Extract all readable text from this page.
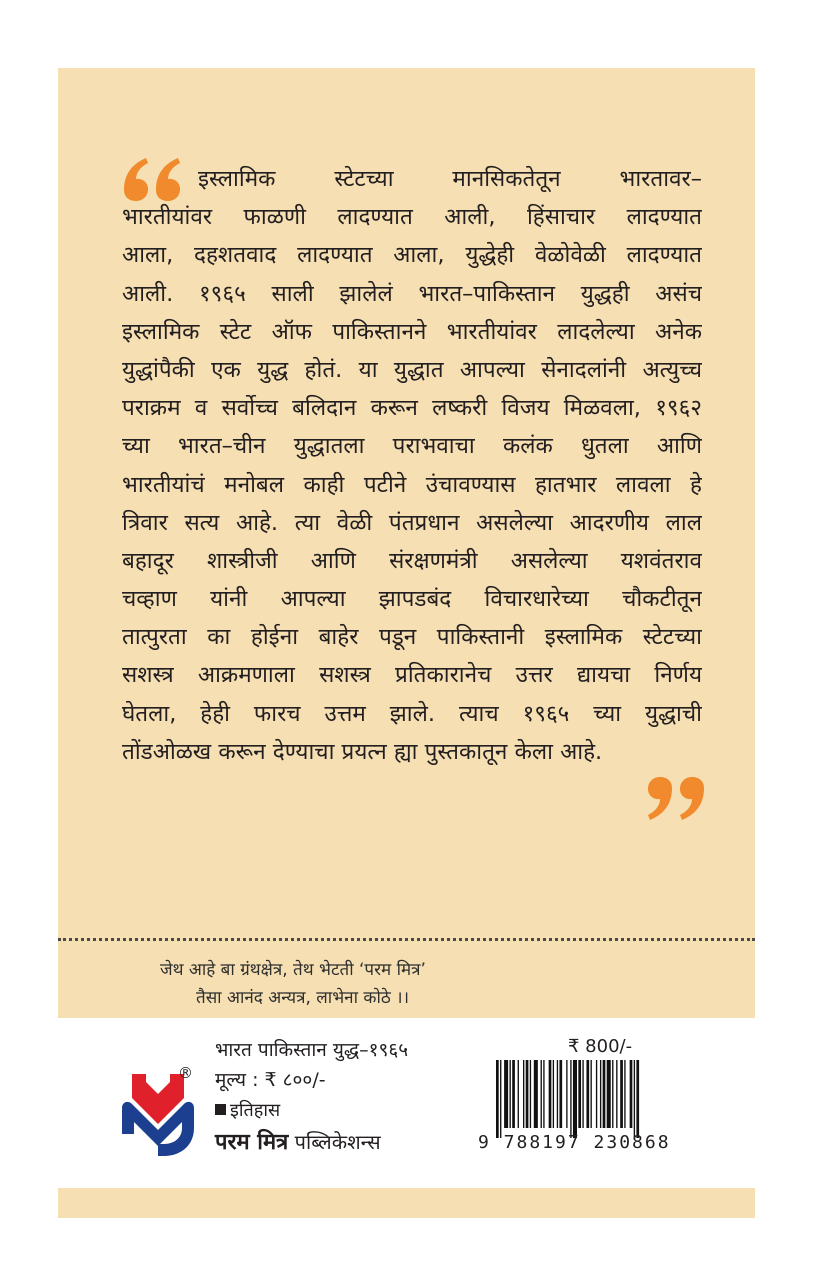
इस्लामिक स्टेटच्या मानसिकतेतून भारतावर–
भारतीयांवर फाळणी लादण्यात आली, हिंसाचार लादण्यात
आला, दहशतवाद लादण्यात आला, युद्धेही वेळोवेळी लादण्यात
आली. १९६५ साली झालेलं भारत–पाकिस्तान युद्धही असंच
इस्लामिक स्टेट ऑफ पाकिस्तानने भारतीयांवर लादलेल्या अनेक
युद्धांपैकी एक युद्ध होतं. या युद्धात आपल्या सेनादलांनी अत्युच्च
पराक्रम व सर्वोच्च बलिदान करून लष्करी विजय मिळवला, १९६२
च्या भारत–चीन युद्धातला पराभवाचा कलंक धुतला आणि
भारतीयांचं मनोबल काही पटीने उंचावण्यास हातभार लावला हे
त्रिवार सत्य आहे. त्या वेळी पंतप्रधान असलेल्या आदरणीय लाल
बहादूर शास्त्रीजी आणि संरक्षणमंत्री असलेल्या यशवंतराव
चव्हाण यांनी आपल्या झापडबंद विचारधारेच्या चौकटीतून
तात्पुरता का होईना बाहेर पडून पाकिस्तानी इस्लामिक स्टेटच्या
सशस्त्र आक्रमणाला सशस्त्र प्रतिकारानेच उत्तर द्यायचा निर्णय
घेतला, हेही फारच उत्तम झाले. त्याच १९६५ च्या युद्धाची
तोंडओळख करून देण्याचा प्रयत्न ह्या पुस्तकातून केला आहे.
जेथ आहे बा ग्रंथक्षेत्र, तेथ भेटती ‘परम मित्र’
तैसा आनंद अन्यत्र, लाभेना कोठे ।।
®
भारत पाकिस्तान युद्ध–१९६५	₹ 800/-
मूल्य : ₹ ८००/-
इतिहास
परम मित्र पब्लिकेशन्स	9 788197 230868
